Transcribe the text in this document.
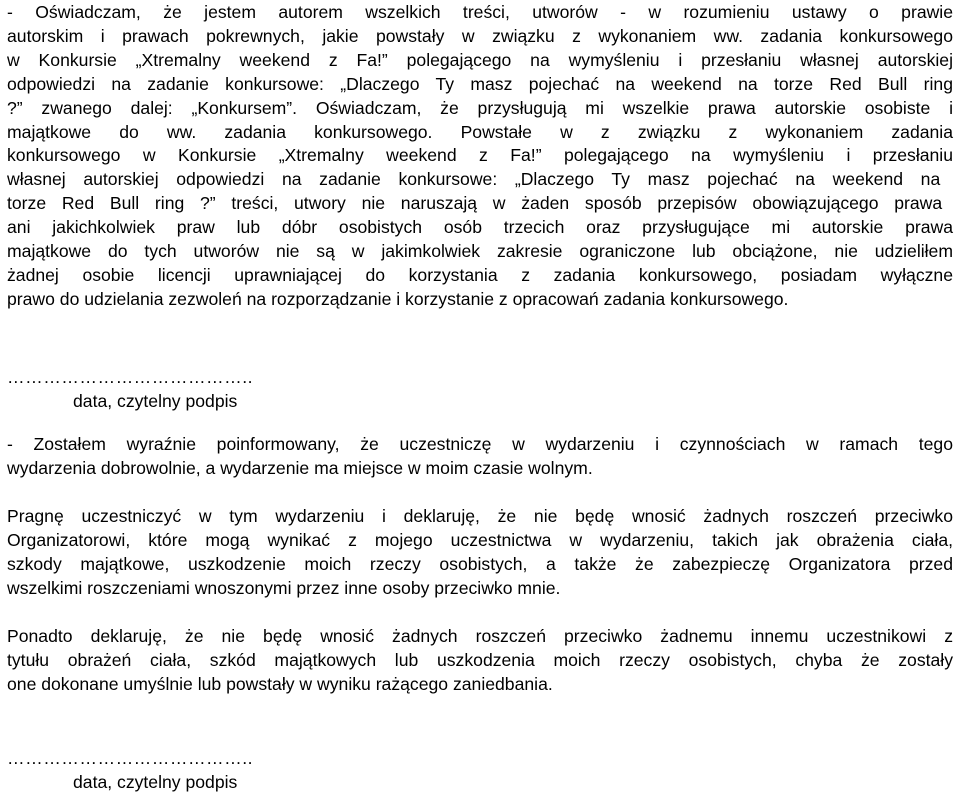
- Oświadczam, że jestem autorem wszelkich treści, utworów - w rozumieniu ustawy o prawie
autorskim i prawach pokrewnych, jakie powstały w związku z wykonaniem ww. zadania konkursowego
w Konkursie „Xtremalny weekend z Fa!” polegającego na wymyśleniu i przesłaniu własnej autorskiej
odpowiedzi na zadanie konkursowe: „Dlaczego Ty masz pojechać na weekend na torze Red Bull ring
?” zwanego dalej: „Konkursem”. Oświadczam, że przysługują mi wszelkie prawa autorskie osobiste i
majątkowe do ww. zadania konkursowego. Powstałe w z związku z wykonaniem zadania
konkursowego w Konkursie „Xtremalny weekend z Fa!” polegającego na wymyśleniu i przesłaniu
własnej autorskiej odpowiedzi na zadanie konkursowe: „Dlaczego Ty masz pojechać na weekend na
torze Red Bull ring ?” treści, utwory nie naruszają w żaden sposób przepisów obowiązującego prawa
ani jakichkolwiek praw lub dóbr osobistych osób trzecich oraz przysługujące mi autorskie prawa
majątkowe do tych utworów nie są w jakimkolwiek zakresie ograniczone lub obciążone, nie udzieliłem
żadnej osobie licencji uprawniającej do korzystania z zadania konkursowego, posiadam wyłączne
prawo do udzielania zezwoleń na rozporządzanie i korzystanie z opracowań zadania konkursowego.

…………………………………..
data, czytelny podpis

- Zostałem wyraźnie poinformowany, że uczestniczę w wydarzeniu i czynnościach w ramach tego
wydarzenia dobrowolnie, a wydarzenie ma miejsce w moim czasie wolnym.

Pragnę uczestniczyć w tym wydarzeniu i deklaruję, że nie będę wnosić żadnych roszczeń przeciwko
Organizatorowi, które mogą wynikać z mojego uczestnictwa w wydarzeniu, takich jak obrażenia ciała,
szkody majątkowe, uszkodzenie moich rzeczy osobistych, a także że zabezpieczę Organizatora przed
wszelkimi roszczeniami wnoszonymi przez inne osoby przeciwko mnie.

Ponadto deklaruję, że nie będę wnosić żadnych roszczeń przeciwko żadnemu innemu uczestnikowi z
tytułu obrażeń ciała, szkód majątkowych lub uszkodzenia moich rzeczy osobistych, chyba że zostały
one dokonane umyślnie lub powstały w wyniku rażącego zaniedbania.

…………………………………..
data, czytelny podpis
